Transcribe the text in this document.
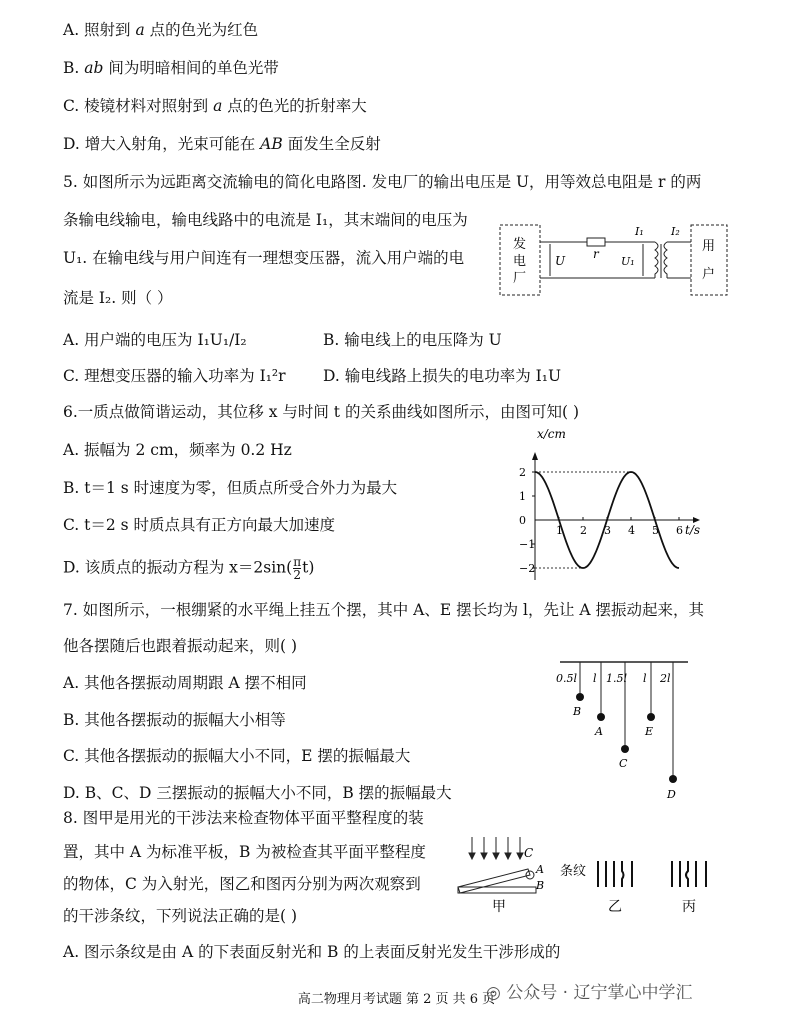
A. 照射到 a 点的色光为红色
B. ab 间为明暗相间的单色光带
C. 棱镜材料对照射到 a 点的色光的折射率大
D. 增大入射角，光束可能在 AB 面发生全反射
5. 如图所示为远距离交流输电的简化电路图. 发电厂的输出电压是 U，用等效总电阻是 r 的两
条输电线输电，输电线路中的电流是 I₁，其末端间的电压为
U₁. 在输电线与用户间连有一理想变压器，流入用户端的电
流是 I₂. 则（ ）
发
电
厂
U r
U₁
I₁ I₂
用
户
A. 用户端的电压为 I₁U₁/I₂	B. 输电线上的电压降为 U
C. 理想变压器的输入功率为 I₁²r D. 输电线路上损失的电功率为 I₁U
6.一质点做简谐运动，其位移 x 与时间 t 的关系曲线如图所示，由图可知( )
A. 振幅为 2 cm，频率为 0.2 Hz
B. t＝1 s 时速度为零，但质点所受合外力为最大
C. t＝2 s 时质点具有正方向最大加速度
D. 该质点的振动方程为 $x=2\sin( \frac{\pi}{2} t)$
x/cm
t/s
2
1
0
−1
−2
1 2 3 4 5 6
7. 如图所示，一根绷紧的水平绳上挂五个摆，其中 A、E 摆长均为 l，先让 A 摆振动起来，其
他各摆随后也跟着振动起来，则( )
A. 其他各摆振动周期跟 A 摆不相同
B. 其他各摆振动的振幅大小相等
C. 其他各摆振动的振幅大小不同，E 摆的振幅最大
D. B、C、D 三摆振动的振幅大小不同，B 摆的振幅最大
0.5l l 1.5l l 2l
B
A
C
E
D
8. 图甲是用光的干涉法来检查物体平面平整程度的装
置，其中 A 为标准平板，B 为被检查其平面平整程度
的物体，C 为入射光，图乙和图丙分别为两次观察到
的干涉条纹，下列说法正确的是( )
C
A
B
甲
条纹
乙	丙
A. 图示条纹是由 A 的下表面反射光和 B 的上表面反射光发生干涉形成的
高二物理月考试题 第 2 页 共 6 页
◎ 公众号 · 辽宁掌心中学汇
